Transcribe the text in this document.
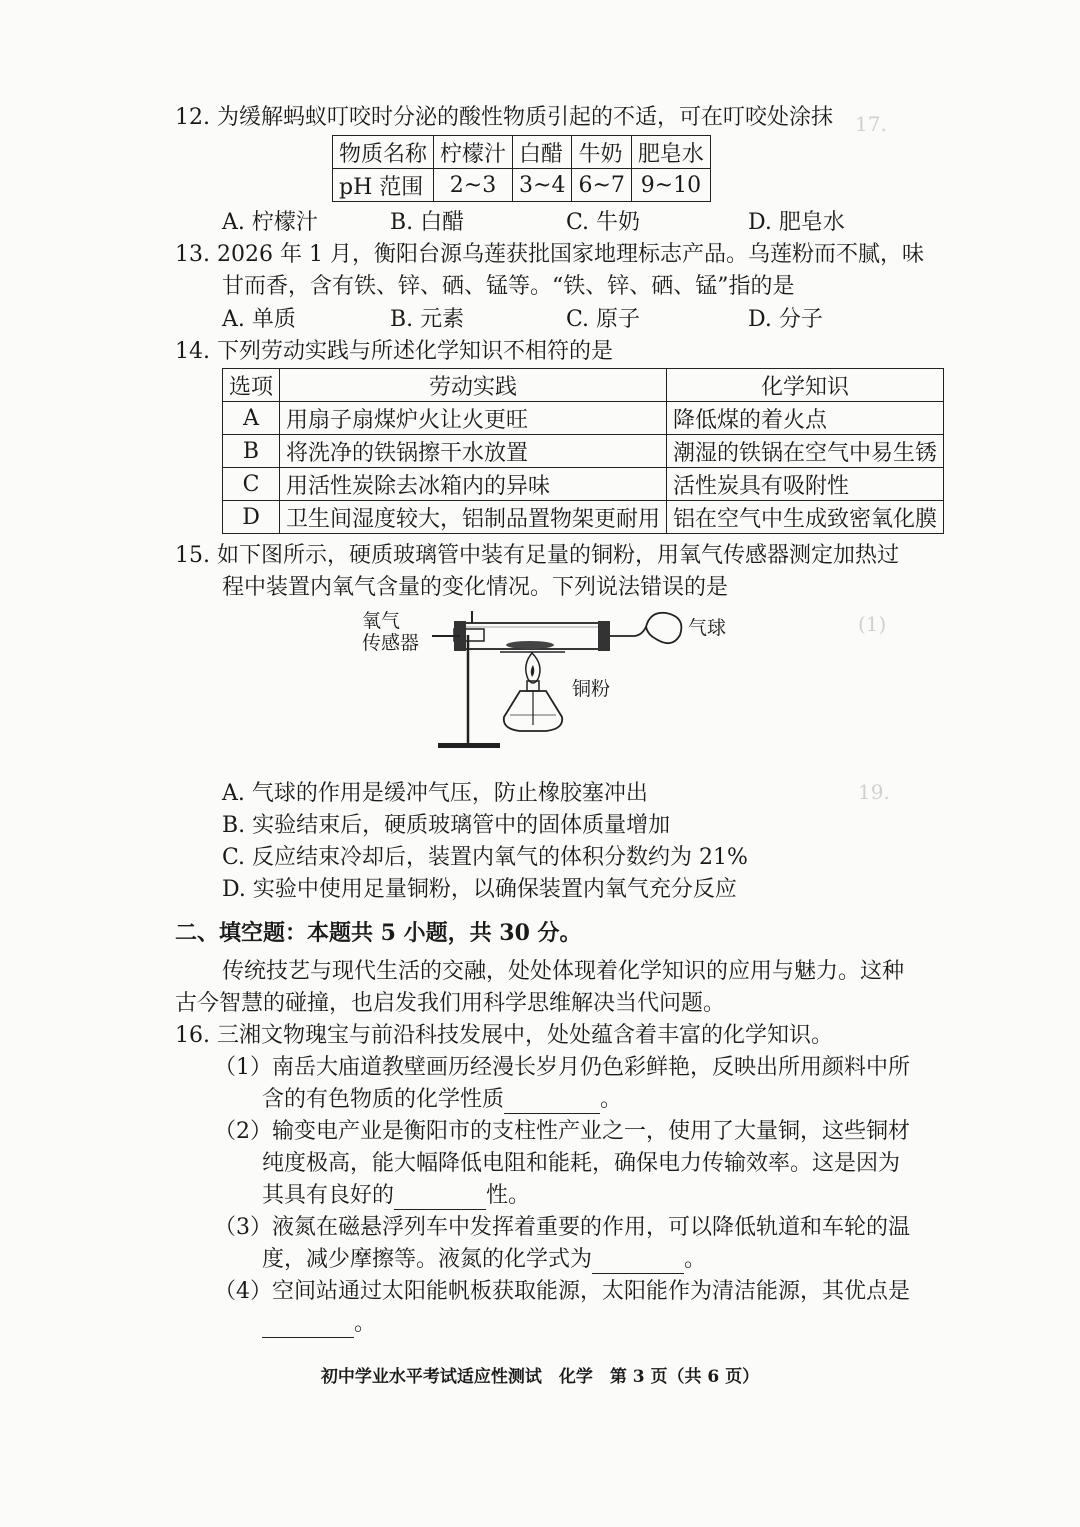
17.
(1)
19.
12. 为缓解蚂蚁叮咬时分泌的酸性物质引起的不适，可在叮咬处涂抹
物质名称	柠檬汁	白醋	牛奶	肥皂水
pH 范围	2~3	3~4	6~7	9~10
A. 柠檬汁	B. 白醋	C. 牛奶	D. 肥皂水
13. 2026 年 1 月，衡阳台源乌莲获批国家地理标志产品。乌莲粉而不腻，味
甘而香，含有铁、锌、硒、锰等。“铁、锌、硒、锰”指的是
A. 单质	B. 元素	C. 原子	D. 分子
14. 下列劳动实践与所述化学知识不相符的是
选项	劳动实践	化学知识
A	用扇子扇煤炉火让火更旺	降低煤的着火点
B	将洗净的铁锅擦干水放置	潮湿的铁锅在空气中易生锈
C	用活性炭除去冰箱内的异味	活性炭具有吸附性
D	卫生间湿度较大，铝制品置物架更耐用	铝在空气中生成致密氧化膜
15. 如下图所示，硬质玻璃管中装有足量的铜粉，用氧气传感器测定加热过
程中装置内氧气含量的变化情况。下列说法错误的是
氧气
传感器
气球
铜粉
A. 气球的作用是缓冲气压，防止橡胶塞冲出
B. 实验结束后，硬质玻璃管中的固体质量增加
C. 反应结束冷却后，装置内氧气的体积分数约为 21%
D. 实验中使用足量铜粉，以确保装置内氧气充分反应
二、填空题：本题共 5 小题，共 30 分。
传统技艺与现代生活的交融，处处体现着化学知识的应用与魅力。这种
古今智慧的碰撞，也启发我们用科学思维解决当代问题。
16. 三湘文物瑰宝与前沿科技发展中，处处蕴含着丰富的化学知识。
（1）南岳大庙道教壁画历经漫长岁月仍色彩鲜艳，反映出所用颜料中所
含的有色物质的化学性质	。
（2）输变电产业是衡阳市的支柱性产业之一，使用了大量铜，这些铜材
纯度极高，能大幅降低电阻和能耗，确保电力传输效率。这是因为
其具有良好的	性。
（3）液氮在磁悬浮列车中发挥着重要的作用，可以降低轨道和车轮的温
度，减少摩擦等。液氮的化学式为	。
（4）空间站通过太阳能帆板获取能源，太阳能作为清洁能源，其优点是
。
初中学业水平考试适应性测试　化学　第 3 页（共 6 页）
